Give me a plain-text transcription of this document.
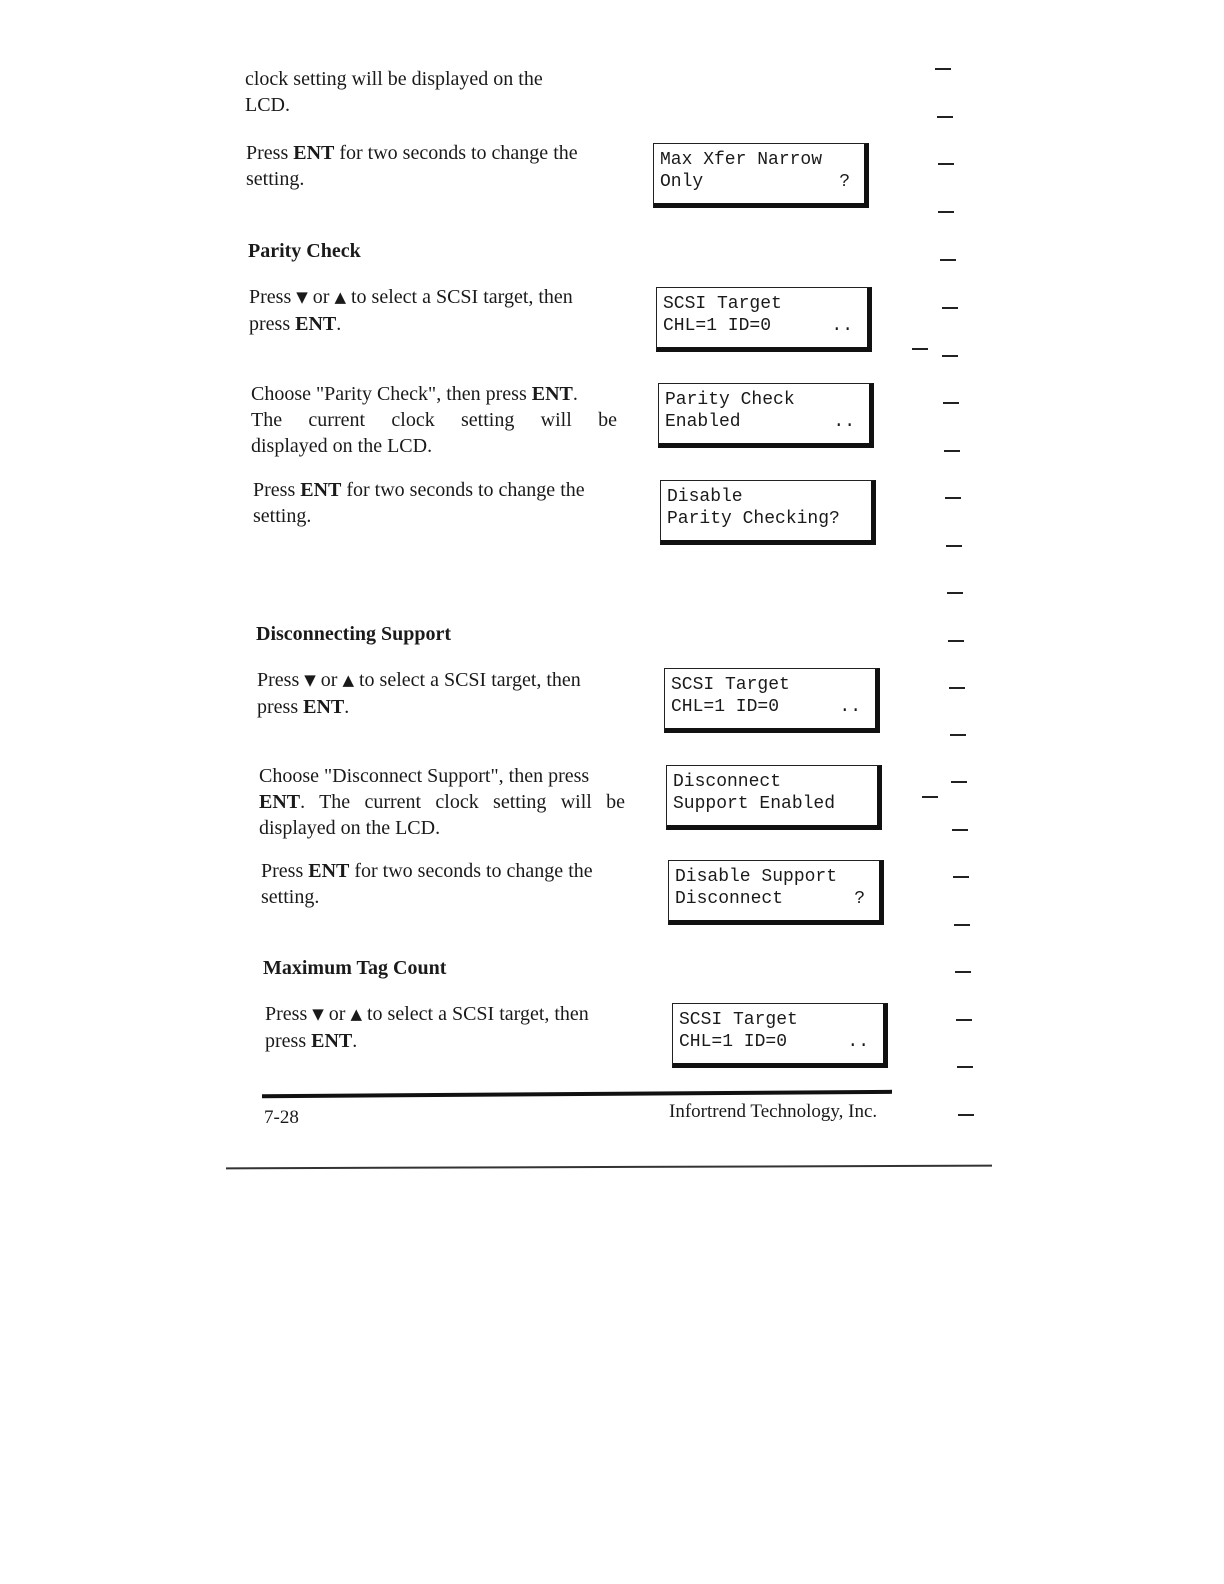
clock setting will be displayed on the
LCD.
Press ENT for two seconds to change the
setting.
Max Xfer Narrow
Only	?
Parity Check
Press ▼ or ▲ to select a SCSI target, then
press ENT.
SCSI Target
CHL=1 ID=0	..
Choose "Parity Check", then press ENT.
The current clock setting will be
displayed on the LCD.
Parity Check
Enabled	..
Press ENT for two seconds to change the
setting.
Disable
Parity Checking?
Disconnecting Support
Press ▼ or ▲ to select a SCSI target, then
press ENT.
SCSI Target
CHL=1 ID=0	..
Choose "Disconnect Support", then press
ENT. The current clock setting will be
displayed on the LCD.
Disconnect
Support Enabled
Press ENT for two seconds to change the
setting.
Disable Support
Disconnect	?
Maximum Tag Count
Press ▼ or ▲ to select a SCSI target, then
press ENT.
SCSI Target
CHL=1 ID=0	..
7-28	Infortrend Technology, Inc.
